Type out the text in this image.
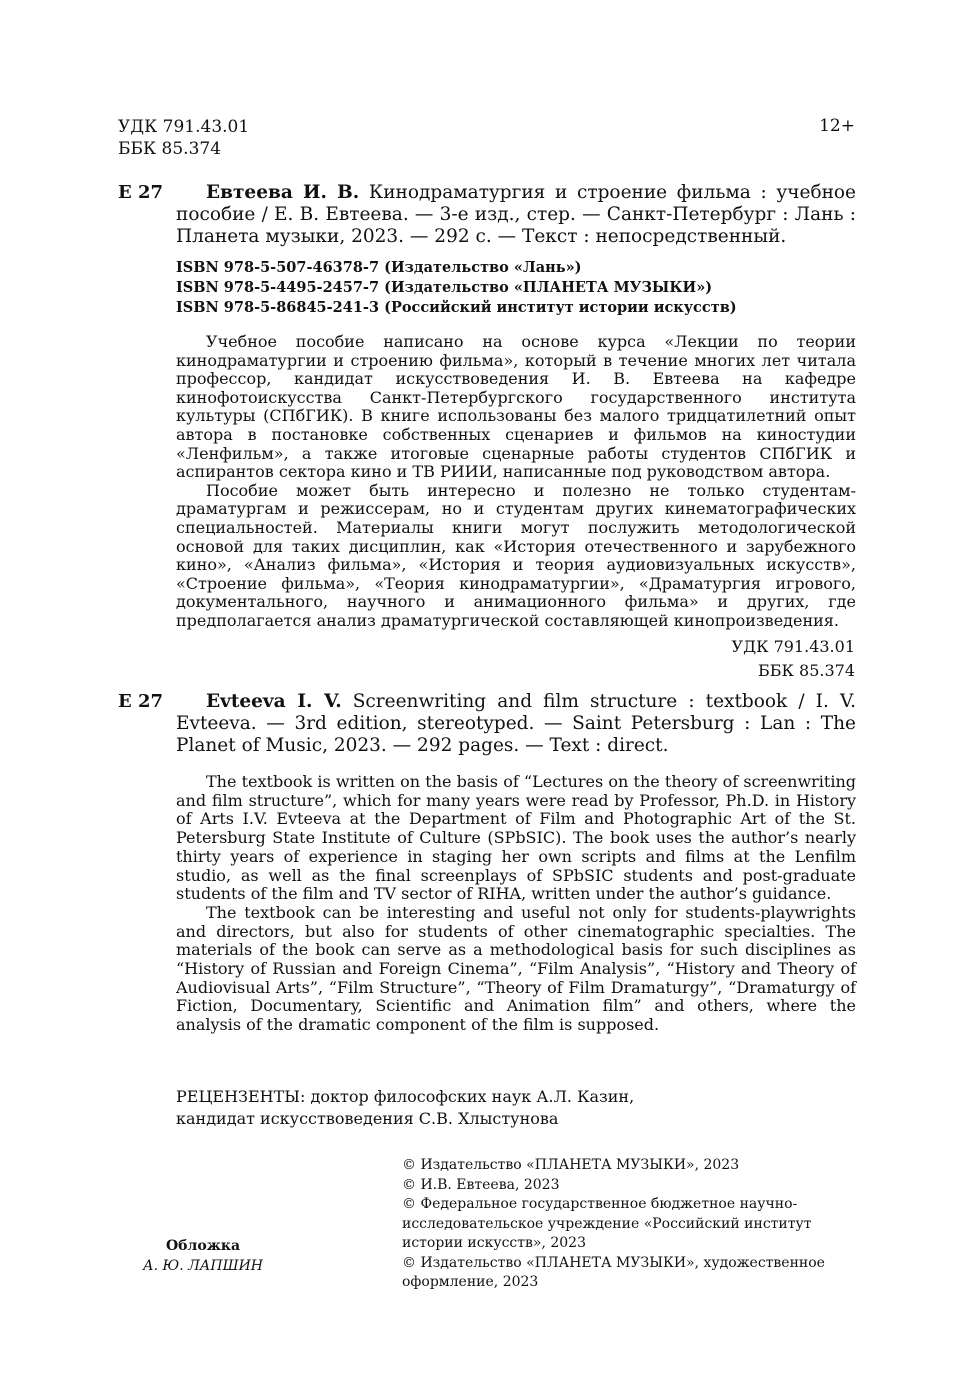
УДК 791.43.01
ББК 85.374
12+
Е 27	Евтеева И. В. Кинодраматургия и строение фильма : учебное пособие / Е. В. Евтеева. — 3-е изд., стер. — Санкт-Петербург : Лань : Планета музыки, 2023. — 292 с. — Текст : непосредственный.
ISBN 978-5-507-46378-7 (Издательство «Лань»)
ISBN 978-5-4495-2457-7 (Издательство «ПЛАНЕТА МУЗЫКИ»)
ISBN 978-5-86845-241-3 (Российский институт истории искусств)

Учебное пособие написано на основе курса «Лекции по теории кинодраматургии и строению фильма», который в течение многих лет читала профессор, кандидат искусствоведения И. В. Евтеева на кафедре кинофотоискусства Санкт-Петербургского государственного института культуры (СПбГИК). В книге использованы без малого тридцатилетний опыт автора в постановке собственных сценариев и фильмов на киностудии «Ленфильм», а также итоговые сценарные работы студентов СПбГИК и аспирантов сектора кино и ТВ РИИИ, написанные под руководством автора.

Пособие может быть интересно и полезно не только студентам-драматургам и режиссерам, но и студентам других кинематографических специальностей. Материалы книги могут послужить методологической основой для таких дисциплин, как «История отечественного и зарубежного кино», «Анализ фильма», «История и теория аудиовизуальных искусств», «Строение фильма», «Теория кинодраматургии», «Драматургия игрового, документального, научного и анимационного фильма» и других, где предполагается анализ драматургической составляющей кинопроизведения.

УДК 791.43.01
ББК 85.374
E 27	Evteeva I. V. Screenwriting and film structure : textbook / I. V. Evteeva. — 3rd edition, stereotyped. — Saint Petersburg : Lan : The Planet of Music, 2023. — 292 pages. — Text : direct.

The textbook is written on the basis of “Lectures on the theory of screenwriting and film structure”, which for many years were read by Professor, Ph.D. in History of Arts I.V. Evteeva at the Department of Film and Photographic Art of the St. Petersburg State Institute of Culture (SPbSIC). The book uses the author’s nearly thirty years of experience in staging her own scripts and films at the Lenfilm studio, as well as the final screenplays of SPbSIC students and post-graduate students of the film and TV sector of RIHA, written under the author’s guidance.

The textbook can be interesting and useful not only for students-playwrights and directors, but also for students of other cinematographic specialties. The materials of the book can serve as a methodological basis for such disciplines as “History of Russian and Foreign Cinema”, “Film Analysis”, “History and Theory of Audiovisual Arts”, “Film Structure”, “Theory of Film Dramaturgy”, “Dramaturgy of Fiction, Documentary, Scientific and Animation film” and others, where the analysis of the dramatic component of the film is supposed.

РЕЦЕНЗЕНТЫ: доктор философских наук А.Л. Казин,
кандидат искусствоведения С.В. Хлыстунова
Обложка
А. Ю. ЛАПШИН
© Издательство «ПЛАНЕТА МУЗЫКИ», 2023
© И.В. Евтеева, 2023
© Федеральное государственное бюджетное научно-исследовательское учреждение «Российский институт истории искусств», 2023
© Издательство «ПЛАНЕТА МУЗЫКИ», художественное оформление, 2023
